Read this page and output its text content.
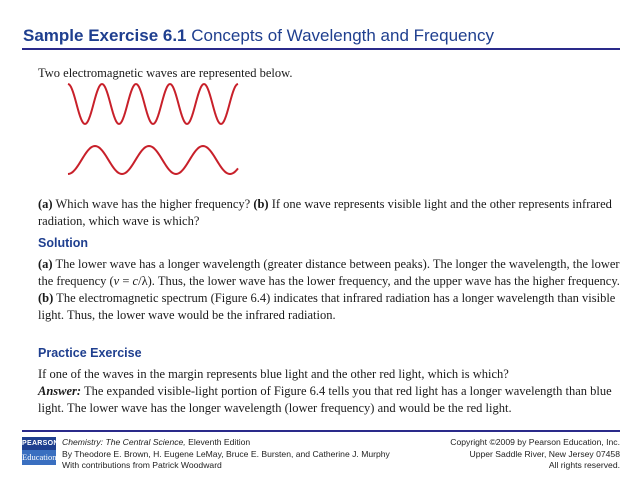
Sample Exercise 6.1 Concepts of Wavelength and Frequency
Two electromagnetic waves are represented below.
(a) Which wave has the higher frequency? (b) If one wave represents visible light and the other represents infrared radiation, which wave is which?
Solution
(a) The lower wave has a longer wavelength (greater distance between peaks). The longer the wavelength, the lower the frequency (ν = c/λ). Thus, the lower wave has the lower frequency, and the upper wave has the higher frequency.
(b) The electromagnetic spectrum (Figure 6.4) indicates that infrared radiation has a longer wavelength than visible light. Thus, the lower wave would be the infrared radiation.
Practice Exercise
If one of the waves in the margin represents blue light and the other red light, which is which?
Answer: The expanded visible-light portion of Figure 6.4 tells you that red light has a longer wavelength than blue light. The lower wave has the longer wavelength (lower frequency) and would be the red light.
PEARSON
Education
Chemistry: The Central Science, Eleventh Edition
By Theodore E. Brown, H. Eugene LeMay, Bruce E. Bursten, and Catherine J. Murphy
With contributions from Patrick Woodward
Copyright ©2009 by Pearson Education, Inc.
Upper Saddle River, New Jersey 07458
All rights reserved.
